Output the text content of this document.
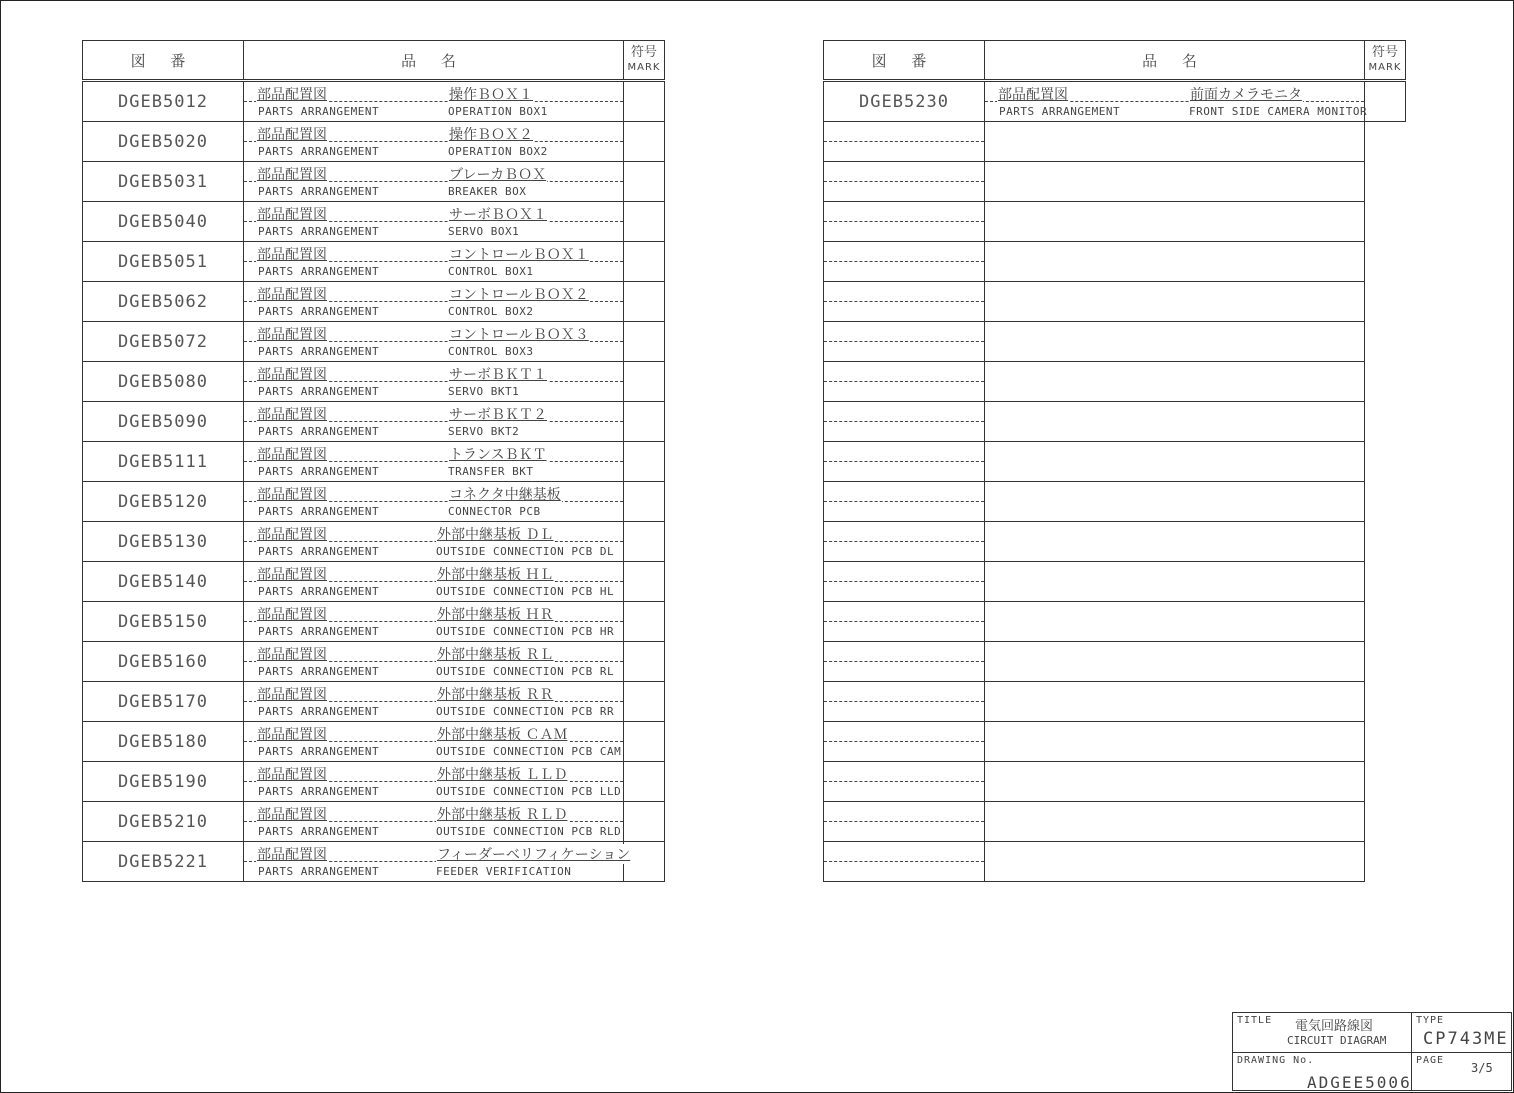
図 番	品 名	符号
MARK
DGEB5012	部品配置図 操作ＢＯＸ１
PARTS ARRANGEMENT OPERATION BOX1	

DGEB5020	部品配置図 操作ＢＯＸ２
PARTS ARRANGEMENT OPERATION BOX2	

DGEB5031	部品配置図 ブレーカＢＯＸ
PARTS ARRANGEMENT BREAKER BOX	

DGEB5040	部品配置図 サーボＢＯＸ１
PARTS ARRANGEMENT SERVO BOX1	

DGEB5051	部品配置図 コントロールＢＯＸ１
PARTS ARRANGEMENT CONTROL BOX1	

DGEB5062	部品配置図 コントロールＢＯＸ２
PARTS ARRANGEMENT CONTROL BOX2	

DGEB5072	部品配置図 コントロールＢＯＸ３
PARTS ARRANGEMENT CONTROL BOX3	

DGEB5080	部品配置図 サーボＢＫＴ１
PARTS ARRANGEMENT SERVO BKT1	

DGEB5090	部品配置図 サーボＢＫＴ２
PARTS ARRANGEMENT SERVO BKT2	

DGEB5111	部品配置図 トランスＢＫＴ
PARTS ARRANGEMENT TRANSFER BKT	

DGEB5120	部品配置図 コネクタ中継基板
PARTS ARRANGEMENT CONNECTOR PCB	

DGEB5130	部品配置図 外部中継基板 ＤＬ
PARTS ARRANGEMENT OUTSIDE CONNECTION PCB DL	

DGEB5140	部品配置図 外部中継基板 ＨＬ
PARTS ARRANGEMENT OUTSIDE CONNECTION PCB HL	

DGEB5150	部品配置図 外部中継基板 ＨＲ
PARTS ARRANGEMENT OUTSIDE CONNECTION PCB HR	

DGEB5160	部品配置図 外部中継基板 ＲＬ
PARTS ARRANGEMENT OUTSIDE CONNECTION PCB RL	

DGEB5170	部品配置図 外部中継基板 ＲＲ
PARTS ARRANGEMENT OUTSIDE CONNECTION PCB RR	

DGEB5180	部品配置図 外部中継基板 ＣＡＭ
PARTS ARRANGEMENT OUTSIDE CONNECTION PCB CAM	

DGEB5190	部品配置図 外部中継基板 ＬＬＤ
PARTS ARRANGEMENT OUTSIDE CONNECTION PCB LLD	

DGEB5210	部品配置図 外部中継基板 ＲＬＤ
PARTS ARRANGEMENT OUTSIDE CONNECTION PCB RLD	

DGEB5221	部品配置図 フィーダーベリフィケーション
PARTS ARRANGEMENT FEEDER VERIFICATION	

図 番	品 名	符号
MARK
DGEB5230	部品配置図 前面カメラモニタ
PARTS ARRANGEMENT FRONT SIDE CAMERA MONITOR	

TITLE 電気回路線図
CIRCUIT DIAGRAM
TYPE
CP743ME
DRAWING No.
ADGEE5006
PAGE
3/5
